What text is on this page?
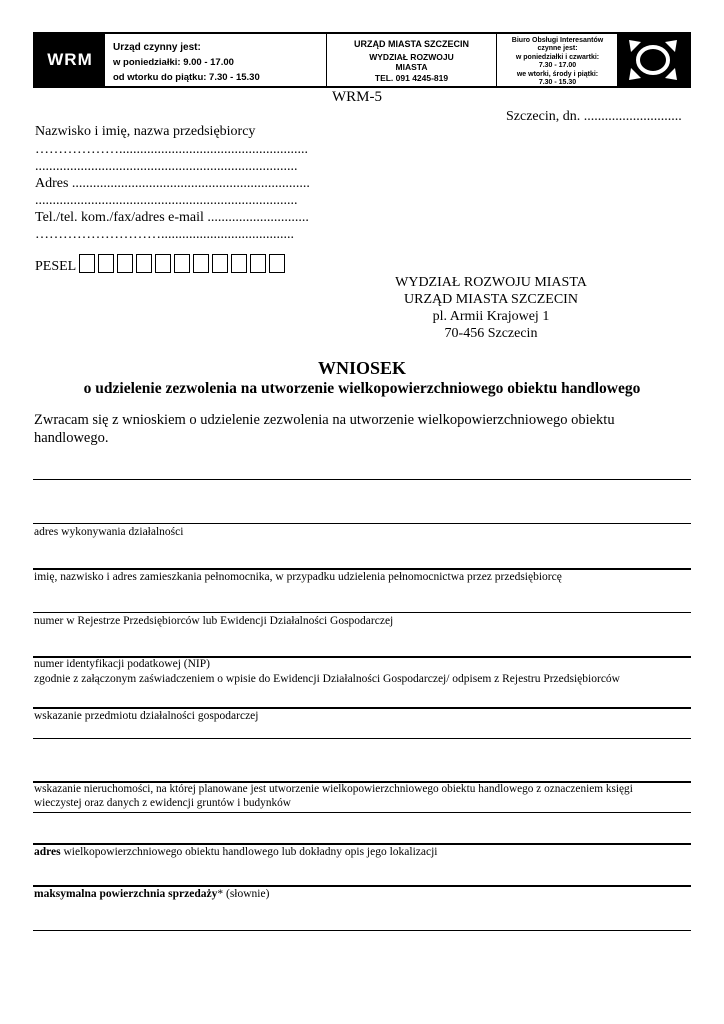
WRM
Urząd czynny jest:
w poniedziałki: 9.00 - 17.00
od wtorku do piątku: 7.30 - 15.30
URZĄD MIASTA SZCZECIN
WYDZIAŁ ROZWOJU
MIASTA
TEL. 091 4245-819
Biuro Obsługi Interesantów
czynne jest:
w poniedziałki i czwartki:
7.30 - 17.00
we wtorki, środy i piątki:
7.30 - 15.30
WRM-5
Szczecin, dn. ............................
Nazwisko i imię, nazwa przedsiębiorcy
………………......................................................
...........................................................................
Adres ....................................................................
...........................................................................
Tel./tel. kom./fax/adres e-mail .............................
………………………......................................
PESEL
WYDZIAŁ ROZWOJU MIASTA
URZĄD MIASTA SZCZECIN
pl. Armii Krajowej 1
70-456 Szczecin
WNIOSEK
o udzielenie zezwolenia na utworzenie wielkopowierzchniowego obiektu handlowego
Zwracam się z wnioskiem o udzielenie zezwolenia na utworzenie wielkopowierzchniowego obiektu
handlowego.
adres wykonywania działalności
imię, nazwisko i adres zamieszkania pełnomocnika, w przypadku udzielenia pełnomocnictwa przez przedsiębiorcę
numer w Rejestrze Przedsiębiorców lub Ewidencji Działalności Gospodarczej
numer identyfikacji podatkowej (NIP)
zgodnie z załączonym zaświadczeniem o wpisie do Ewidencji Działalności Gospodarczej/ odpisem z Rejestru Przedsiębiorców
wskazanie przedmiotu działalności gospodarczej
wskazanie nieruchomości, na której planowane jest utworzenie wielkopowierzchniowego obiektu handlowego z oznaczeniem księgi
wieczystej oraz danych z ewidencji gruntów i budynków
adres wielkopowierzchniowego obiektu handlowego lub dokładny opis jego lokalizacji
maksymalna powierzchnia sprzedaży* (słownie)
